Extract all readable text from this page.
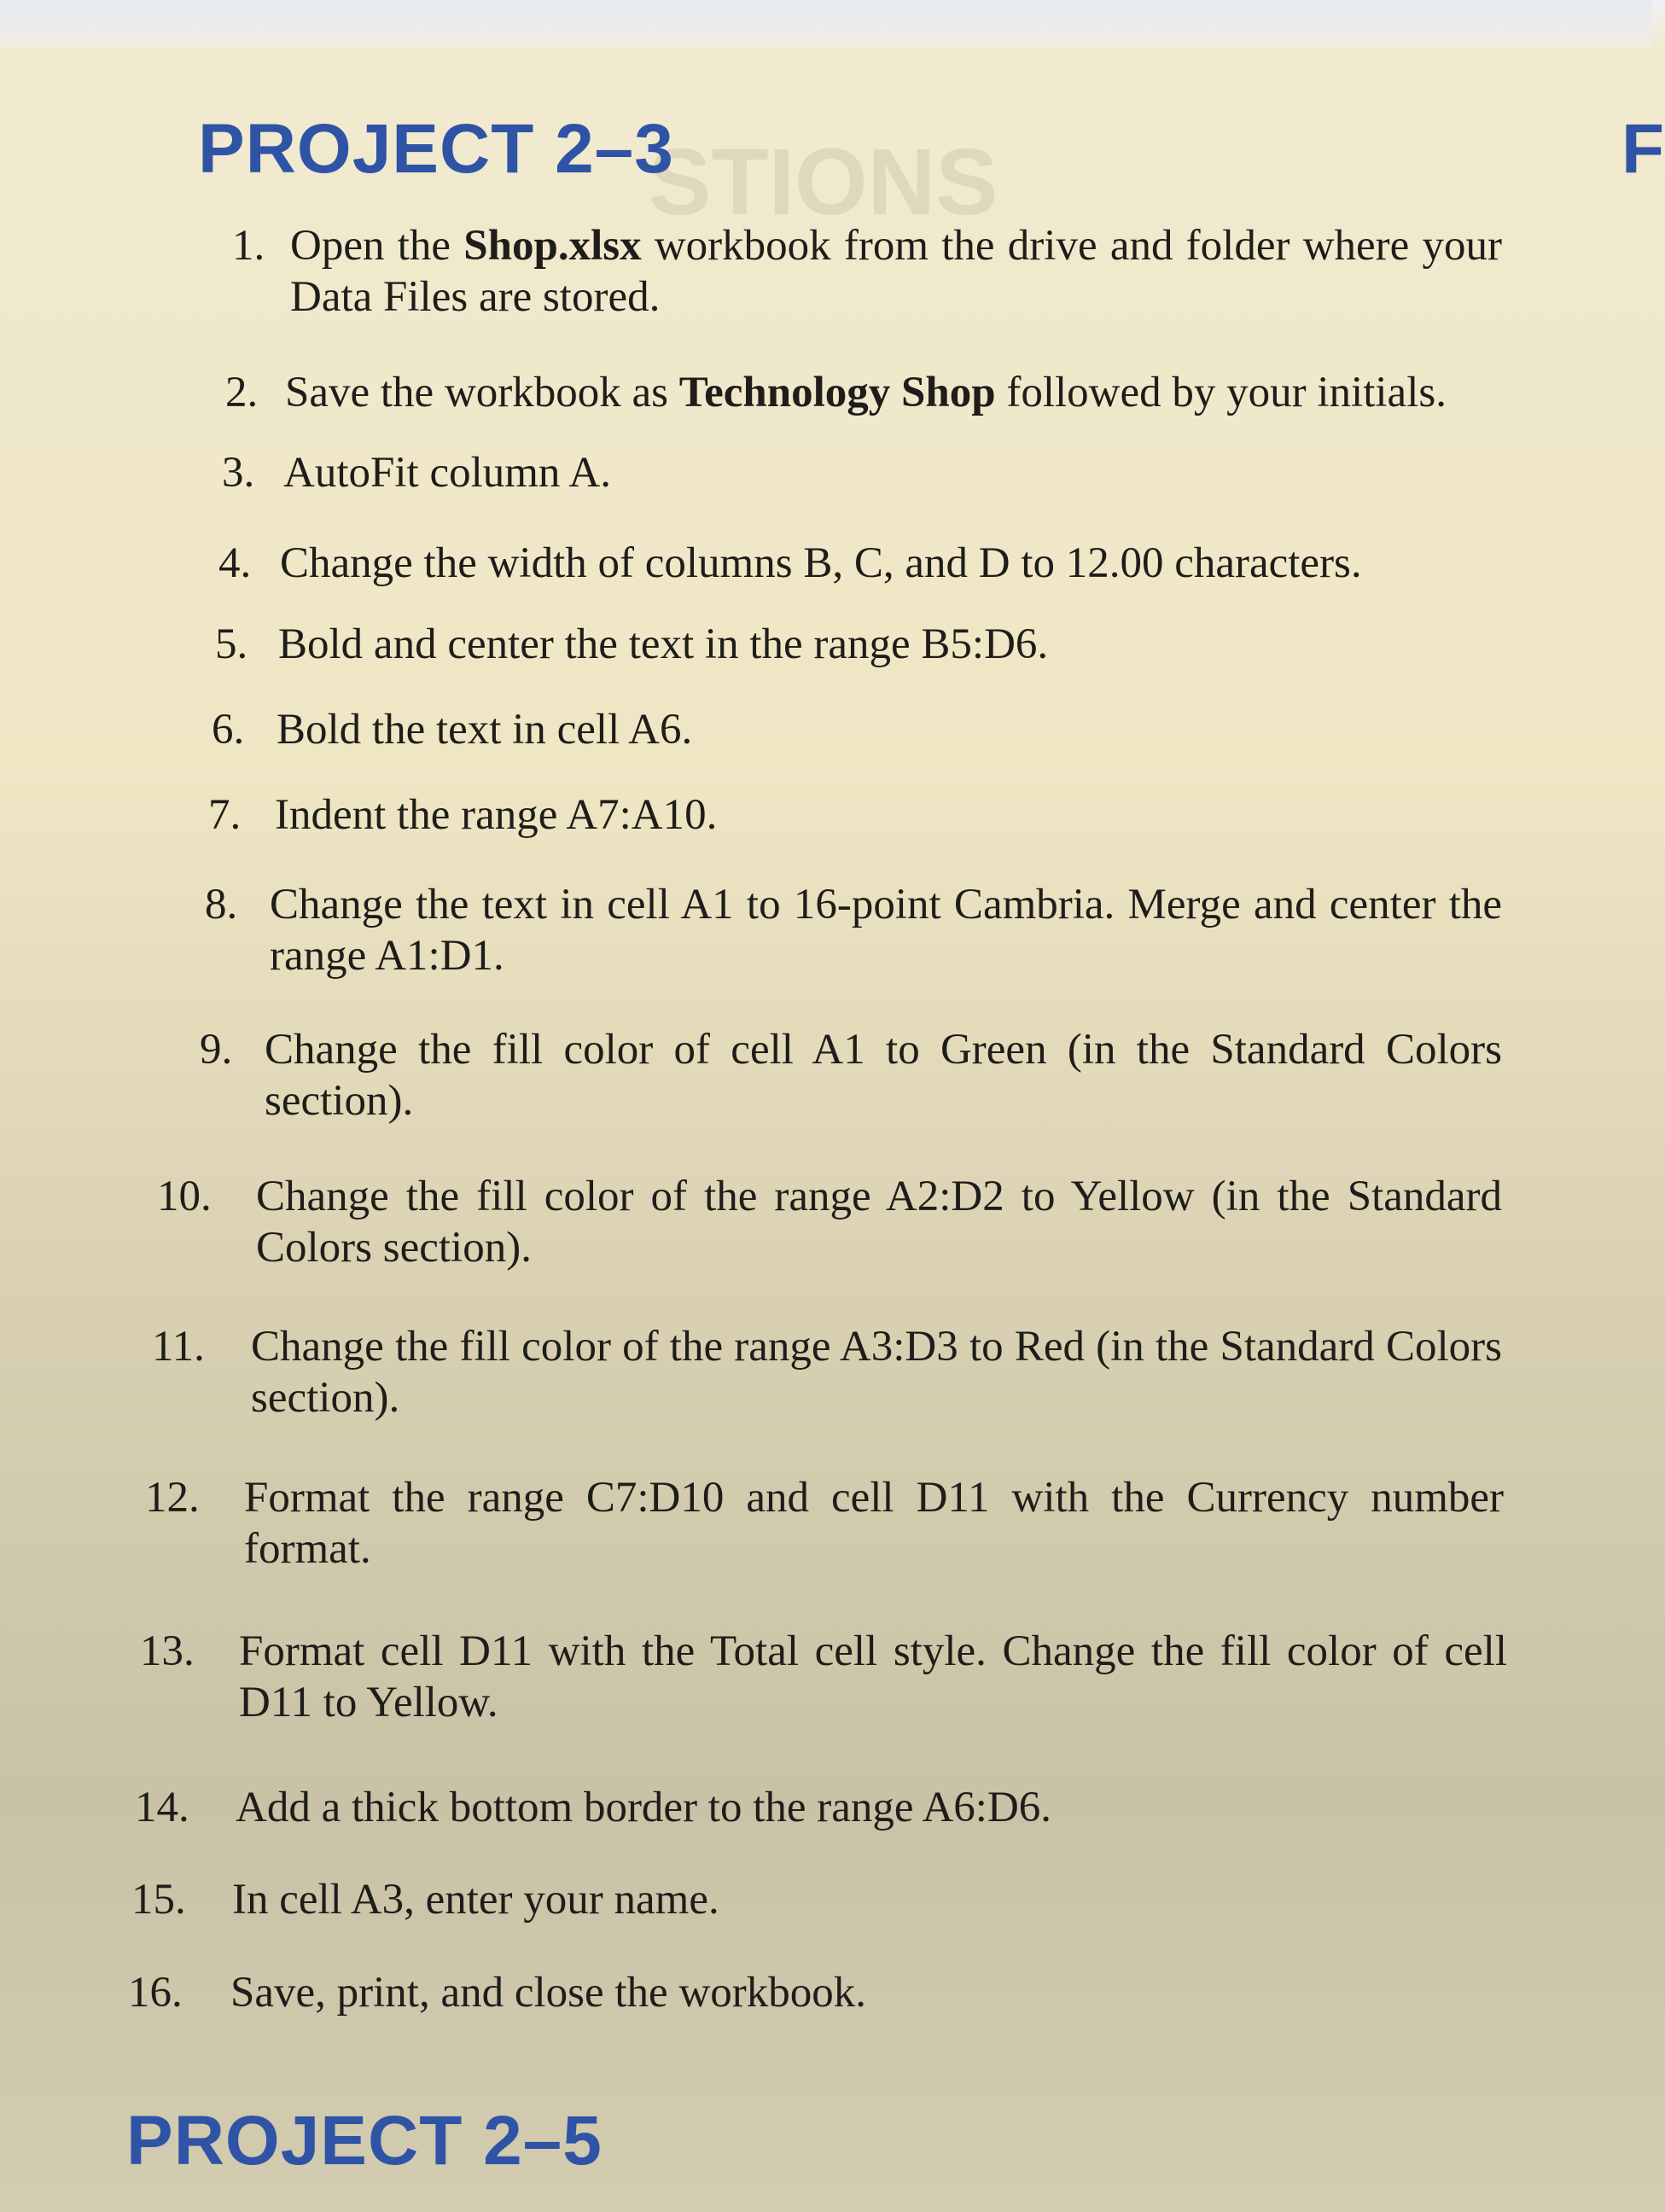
STIONS
PROJECT 2–3	F
1. Open the Shop.xlsx workbook from the drive and folder where your Data Files are stored.
2. Save the workbook as Technology Shop followed by your initials.
3. AutoFit column A.
4. Change the width of columns B, C, and D to 12.00 characters.
5. Bold and center the text in the range B5:D6.
6. Bold the text in cell A6.
7. Indent the range A7:A10.
8. Change the text in cell A1 to 16-point Cambria. Merge and center the range A1:D1.
9. Change the fill color of cell A1 to Green (in the Standard Colors section).
10. Change the fill color of the range A2:D2 to Yellow (in the Standard Colors section).
11. Change the fill color of the range A3:D3 to Red (in the Standard Colors section).
12. Format the range C7:D10 and cell D11 with the Currency number format.
13. Format cell D11 with the Total cell style. Change the fill color of cell D11 to Yellow.
14. Add a thick bottom border to the range A6:D6.
15. In cell A3, enter your name.
16. Save, print, and close the workbook.
PROJECT 2–5
